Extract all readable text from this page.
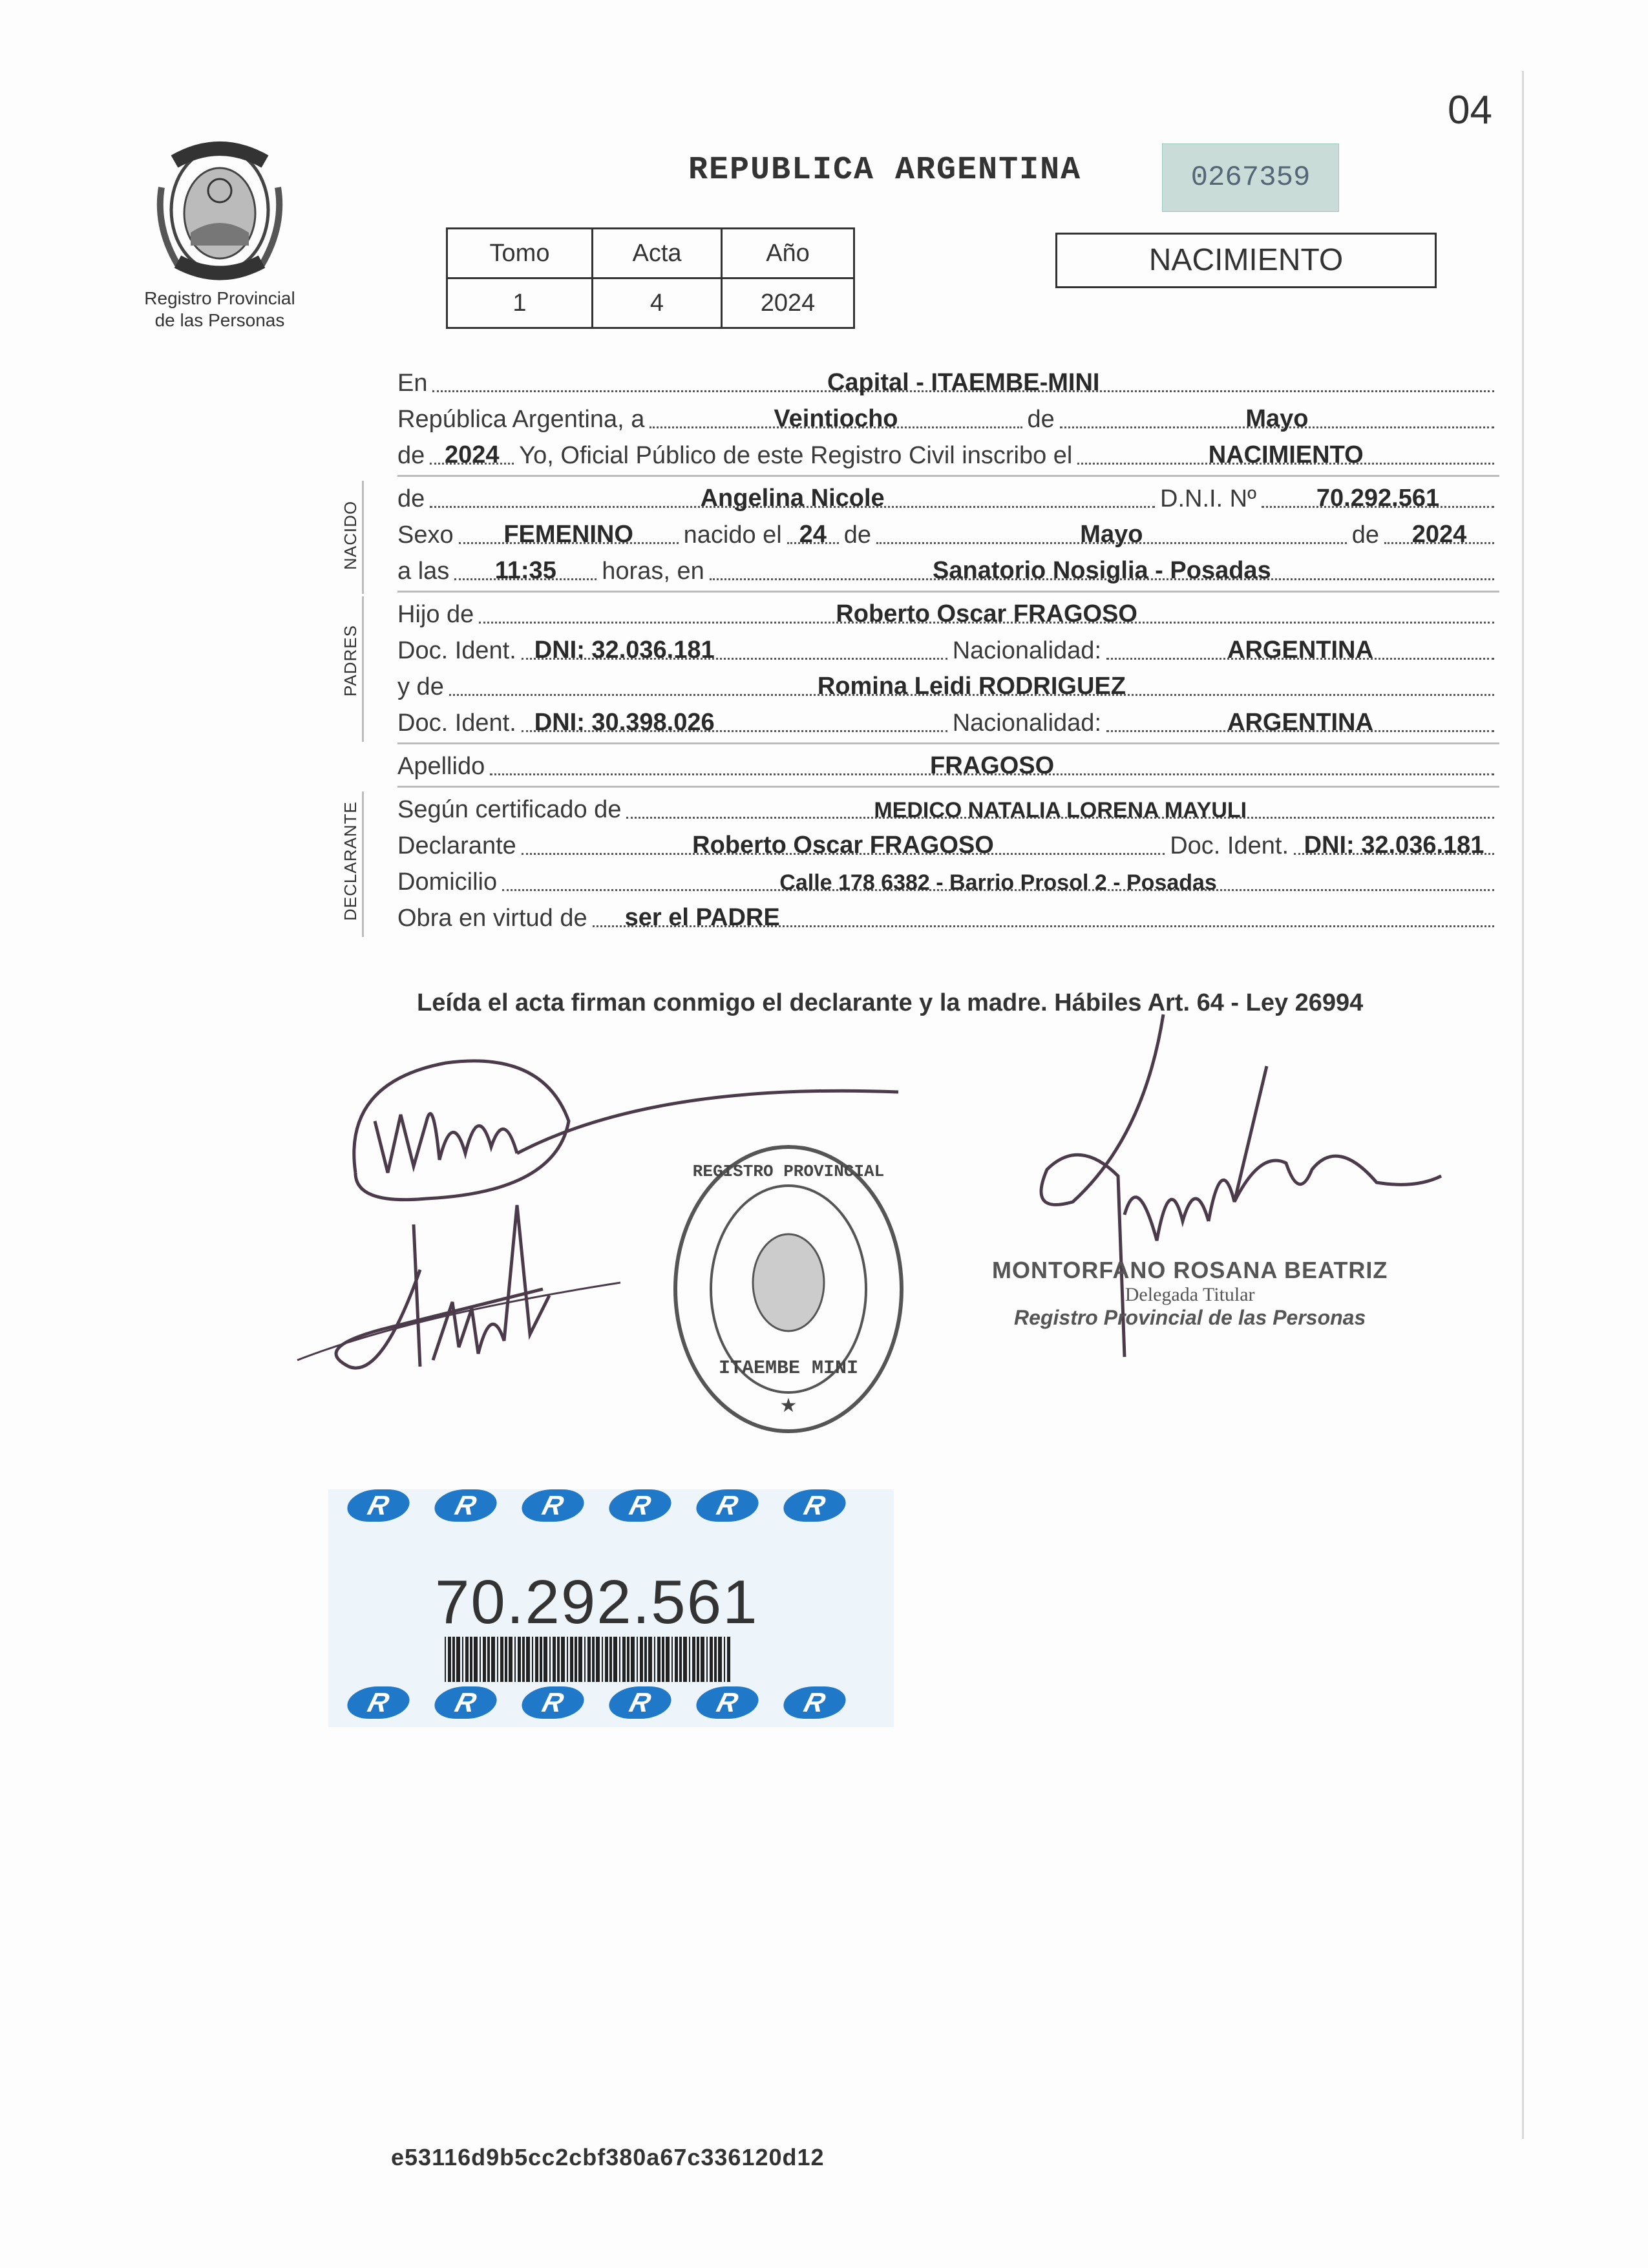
04
Registro Provincial
de las Personas
REPUBLICA ARGENTINA	0267359
Tomo	Acta	Año
1	4	2024
NACIMIENTO
En	Capital - ITAEMBE-MINI
República Argentina, a	Veintiocho	de	Mayo
de 2024 Yo, Oficial Público de este Registro Civil inscribo el	NACIMIENTO
NACIDO
de	Angelina Nicole	D.N.I. Nº	70.292.561
Sexo	FEMENINO	nacido el 24 de	Mayo	de	2024
a las	11:35	horas, en	Sanatorio Nosiglia - Posadas
PADRES
Hijo de	Roberto Oscar FRAGOSO
Doc. Ident. DNI: 32.036.181	Nacionalidad:	ARGENTINA
y de	Romina Leidi RODRIGUEZ
Doc. Ident. DNI: 30.398.026	Nacionalidad:	ARGENTINA
Apellido	FRAGOSO
DECLARANTE Según certificado de	MEDICO NATALIA LORENA MAYULI
Declarante	Roberto Oscar FRAGOSO	Doc. Ident. DNI: 32.036.181
Domicilio	Calle 178 6382 - Barrio Prosol 2 - Posadas
Obra en virtud de	ser el PADRE
Leída el acta firman conmigo el declarante y la madre. Hábiles Art. 64 - Ley 26994
REGISTRO PROVINCIAL
ITAEMBE MINI
★
MONTORFANO ROSANA BEATRIZ
Delegada Titular
Registro Provincial de las Personas
R	R	R	R	R	R
70.292.561
R	R	R	R	R	R
e53116d9b5cc2cbf380a67c336120d12
